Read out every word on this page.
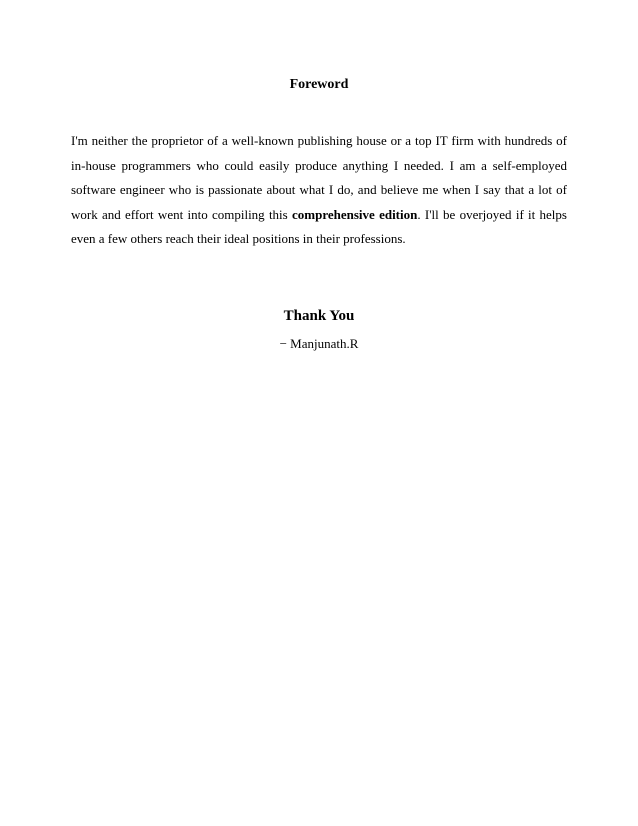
Foreword

I'm neither the proprietor of a well-known publishing house or a top IT firm with hundreds of in-house programmers who could easily produce anything I needed. I am a self-employed software engineer who is passionate about what I do, and believe me when I say that a lot of work and effort went into compiling this comprehensive edition. I'll be overjoyed if it helps even a few others reach their ideal positions in their professions.

Thank You
− Manjunath.R
